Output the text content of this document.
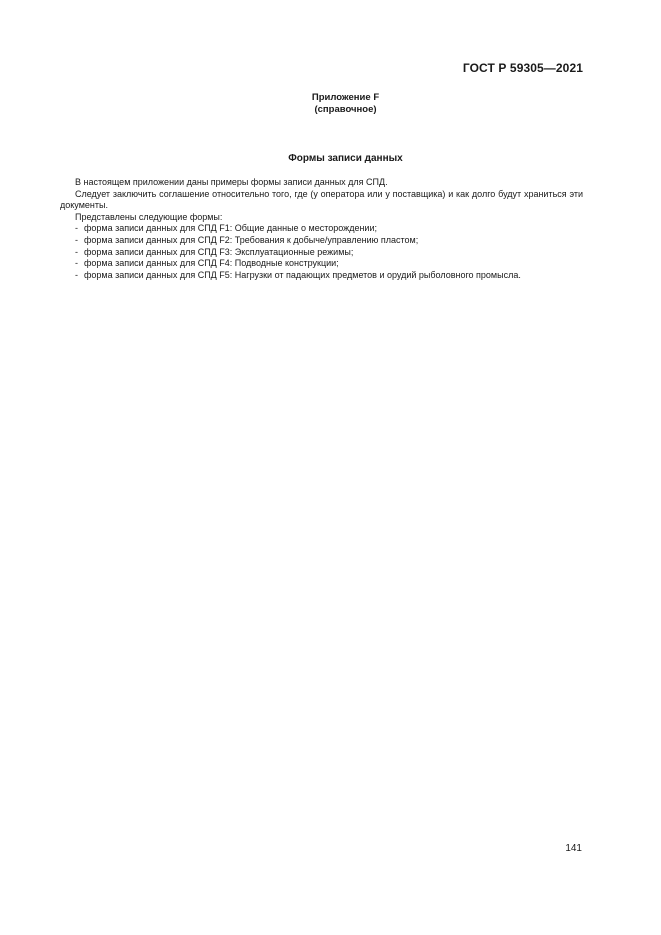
ГОСТ Р 59305—2021
Приложение F
(справочное)
Формы записи данных

В настоящем приложении даны примеры формы записи данных для СПД.

Следует заключить соглашение относительно того, где (у оператора или у поставщика) и как долго будут храниться эти документы.

Представлены следующие формы:

- форма записи данных для СПД F1: Общие данные о месторождении;
- форма записи данных для СПД F2: Требования к добыче/управлению пластом;
- форма записи данных для СПД F3: Эксплуатационные режимы;
- форма записи данных для СПД F4: Подводные конструкции;
- форма записи данных для СПД F5: Нагрузки от падающих предметов и орудий рыболовного промысла.
141
